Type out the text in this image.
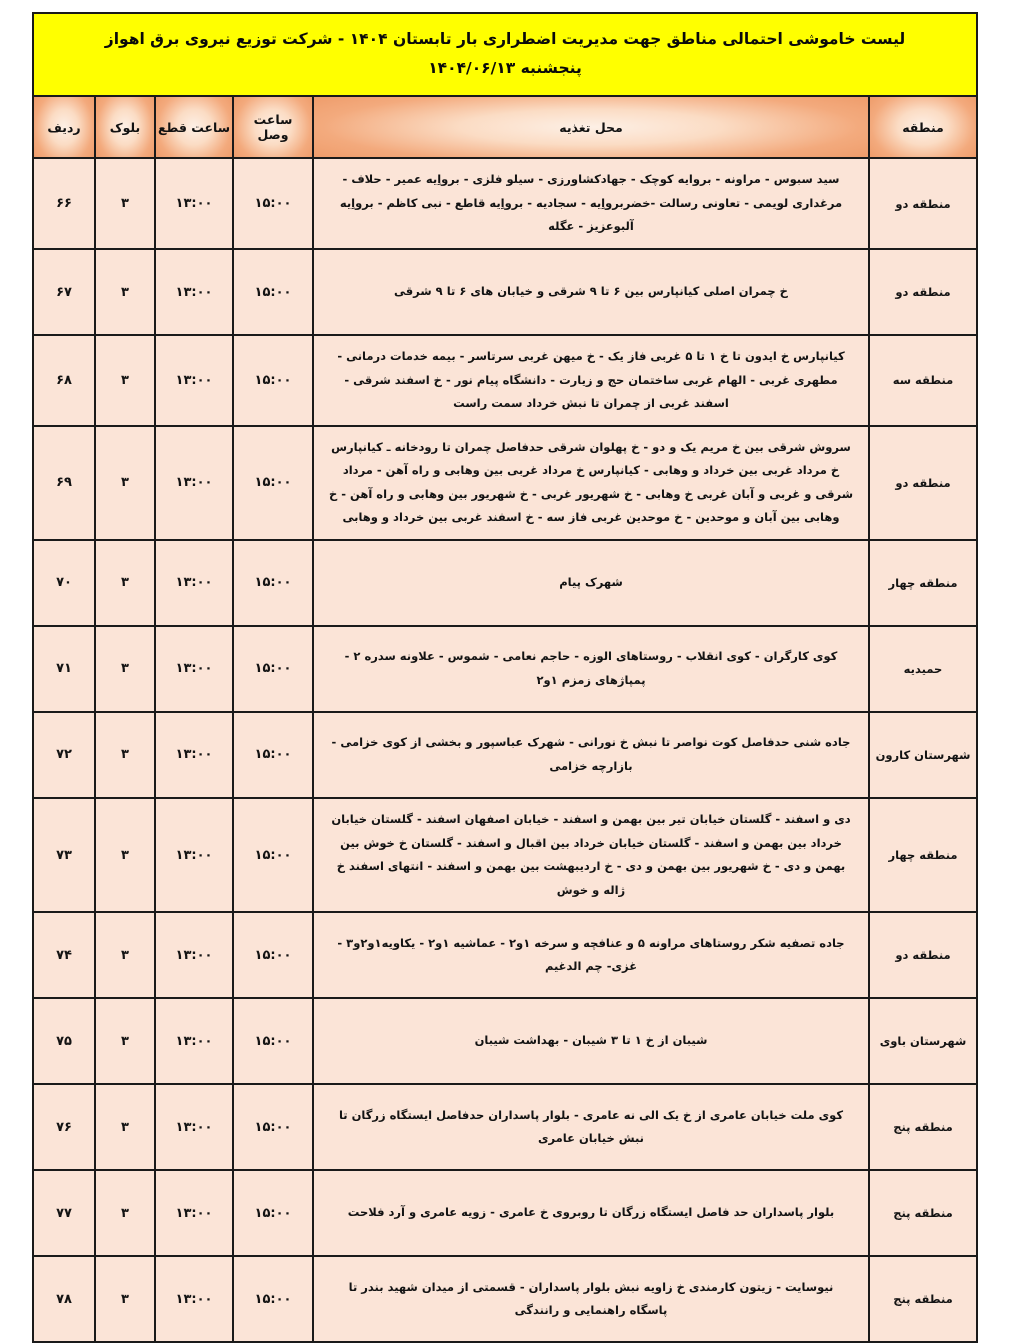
لیست خاموشی احتمالی مناطق جهت مدیریت اضطراری بار تابستان ۱۴۰۴ - شرکت توزیع نیروی برق اهواز
پنجشنبه ۱۴۰۴/۰۶/۱۳					

منطقه	محل تغذیه	ساعت وصل	ساعت قطع	بلوک	ردیف
منطقه دو	سید سبوس - مراونه - بروایه کوچک - جهادکشاورزی - سیلو فلزی - برواِیه عمیر - حلاف - مرغداری لویمی - تعاونی رسالت -خضربرواِیه - سجادیه - برواِیه قاطع - نبی کاظم - برواِیه آلبوعزیز - عگله	۱۵:۰۰	۱۳:۰۰	۳	۶۶
منطقه دو	خ چمران اصلی کیانپارس بین ۶ تا ۹ شرقی و خیابان های ۶ تا ۹ شرقی	۱۵:۰۰	۱۳:۰۰	۳	۶۷
منطقه سه	کیانپارس خ ایدون تا خ ۱ تا ۵ غربی فاز یک - خ میهن غربی سرتاسر - بیمه خدمات درمانی - مطهری غربی - الهام غربی ساختمان حج و زیارت - دانشگاه پیام نور - خ اسفند شرقی - اسفند غربی از چمران تا نبش خرداد سمت راست	۱۵:۰۰	۱۳:۰۰	۳	۶۸
منطقه دو	سروش شرقی بین خ مریم یک و دو - خ پهلوان شرقی حدفاصل چمران تا رودخانه ـ کیانپارس خ مرداد غربی بین خرداد و وهابی - کیانپارس خ مرداد غربی بین وهابی و راه آهن - مرداد شرقی و غربی و آبان غربی خ وهابی - خ شهریور غربی - خ شهریور بین وهابی و راه آهن - خ وهابی بین آبان و موحدین - خ موحدین غربی فاز سه - خ اسفند غربی بین خرداد و وهابی	۱۵:۰۰	۱۳:۰۰	۳	۶۹
منطقه چهار	شهرک پیام	۱۵:۰۰	۱۳:۰۰	۳	۷۰
حمیدیه	کوی کارگران - کوی انقلاب - روستاهای الوزه - حاجم نعامی - شموس - علاونه سدره ۲ - پمپاژهای زمزم ۱و۲	۱۵:۰۰	۱۳:۰۰	۳	۷۱
شهرستان کارون	جاده شنی حدفاصل کوت نواصر تا نبش خ نورانی - شهرک عباسپور و بخشی از کوی خزامی - بازارچه خزامی	۱۵:۰۰	۱۳:۰۰	۳	۷۲
منطقه چهار	دی و اسفند - گلستان خیابان تیر بین بهمن و اسفند - خیابان اصفهان اسفند - گلستان خیابان خرداد بین بهمن و اسفند - گلستان خیابان خرداد بین اقبال و اسفند - گلستان خ خوش بین بهمن و دی - خ شهریور بین بهمن و دی - خ اردیبهشت بین بهمن و اسفند - انتهای اسفند خ ژاله و خوش	۱۵:۰۰	۱۳:۰۰	۳	۷۳
منطقه دو	جاده تصفیه شکر روستاهای مراونه ۵ و عنافچه و سرخه ۱و۲ - عماشیه ۱و۲ - یکاویه۱و۲و۳ - غزی- چم الدغیم	۱۵:۰۰	۱۳:۰۰	۳	۷۴
شهرستان باوی	شیبان از خ ۱ تا ۳ شیبان - بهداشت شیبان	۱۵:۰۰	۱۳:۰۰	۳	۷۵
منطقه پنج	کوی ملت خیابان عامری از خ یک الی نه عامری - بلوار پاسداران حدفاصل ایستگاه زرگان تا نبش خیابان عامری	۱۵:۰۰	۱۳:۰۰	۳	۷۶
منطقه پنج	بلوار پاسداران حد فاصل ایستگاه زرگان تا روبروی خ عامری - زویه عامری و آرد فلاحت	۱۵:۰۰	۱۳:۰۰	۳	۷۷
منطقه پنج	نیوسایت - زیتون کارمندی خ زاویه نبش بلوار پاسداران - قسمتی از میدان شهید بندر تا پاسگاه راهنمایی و رانندگی	۱۵:۰۰	۱۳:۰۰	۳	۷۸
